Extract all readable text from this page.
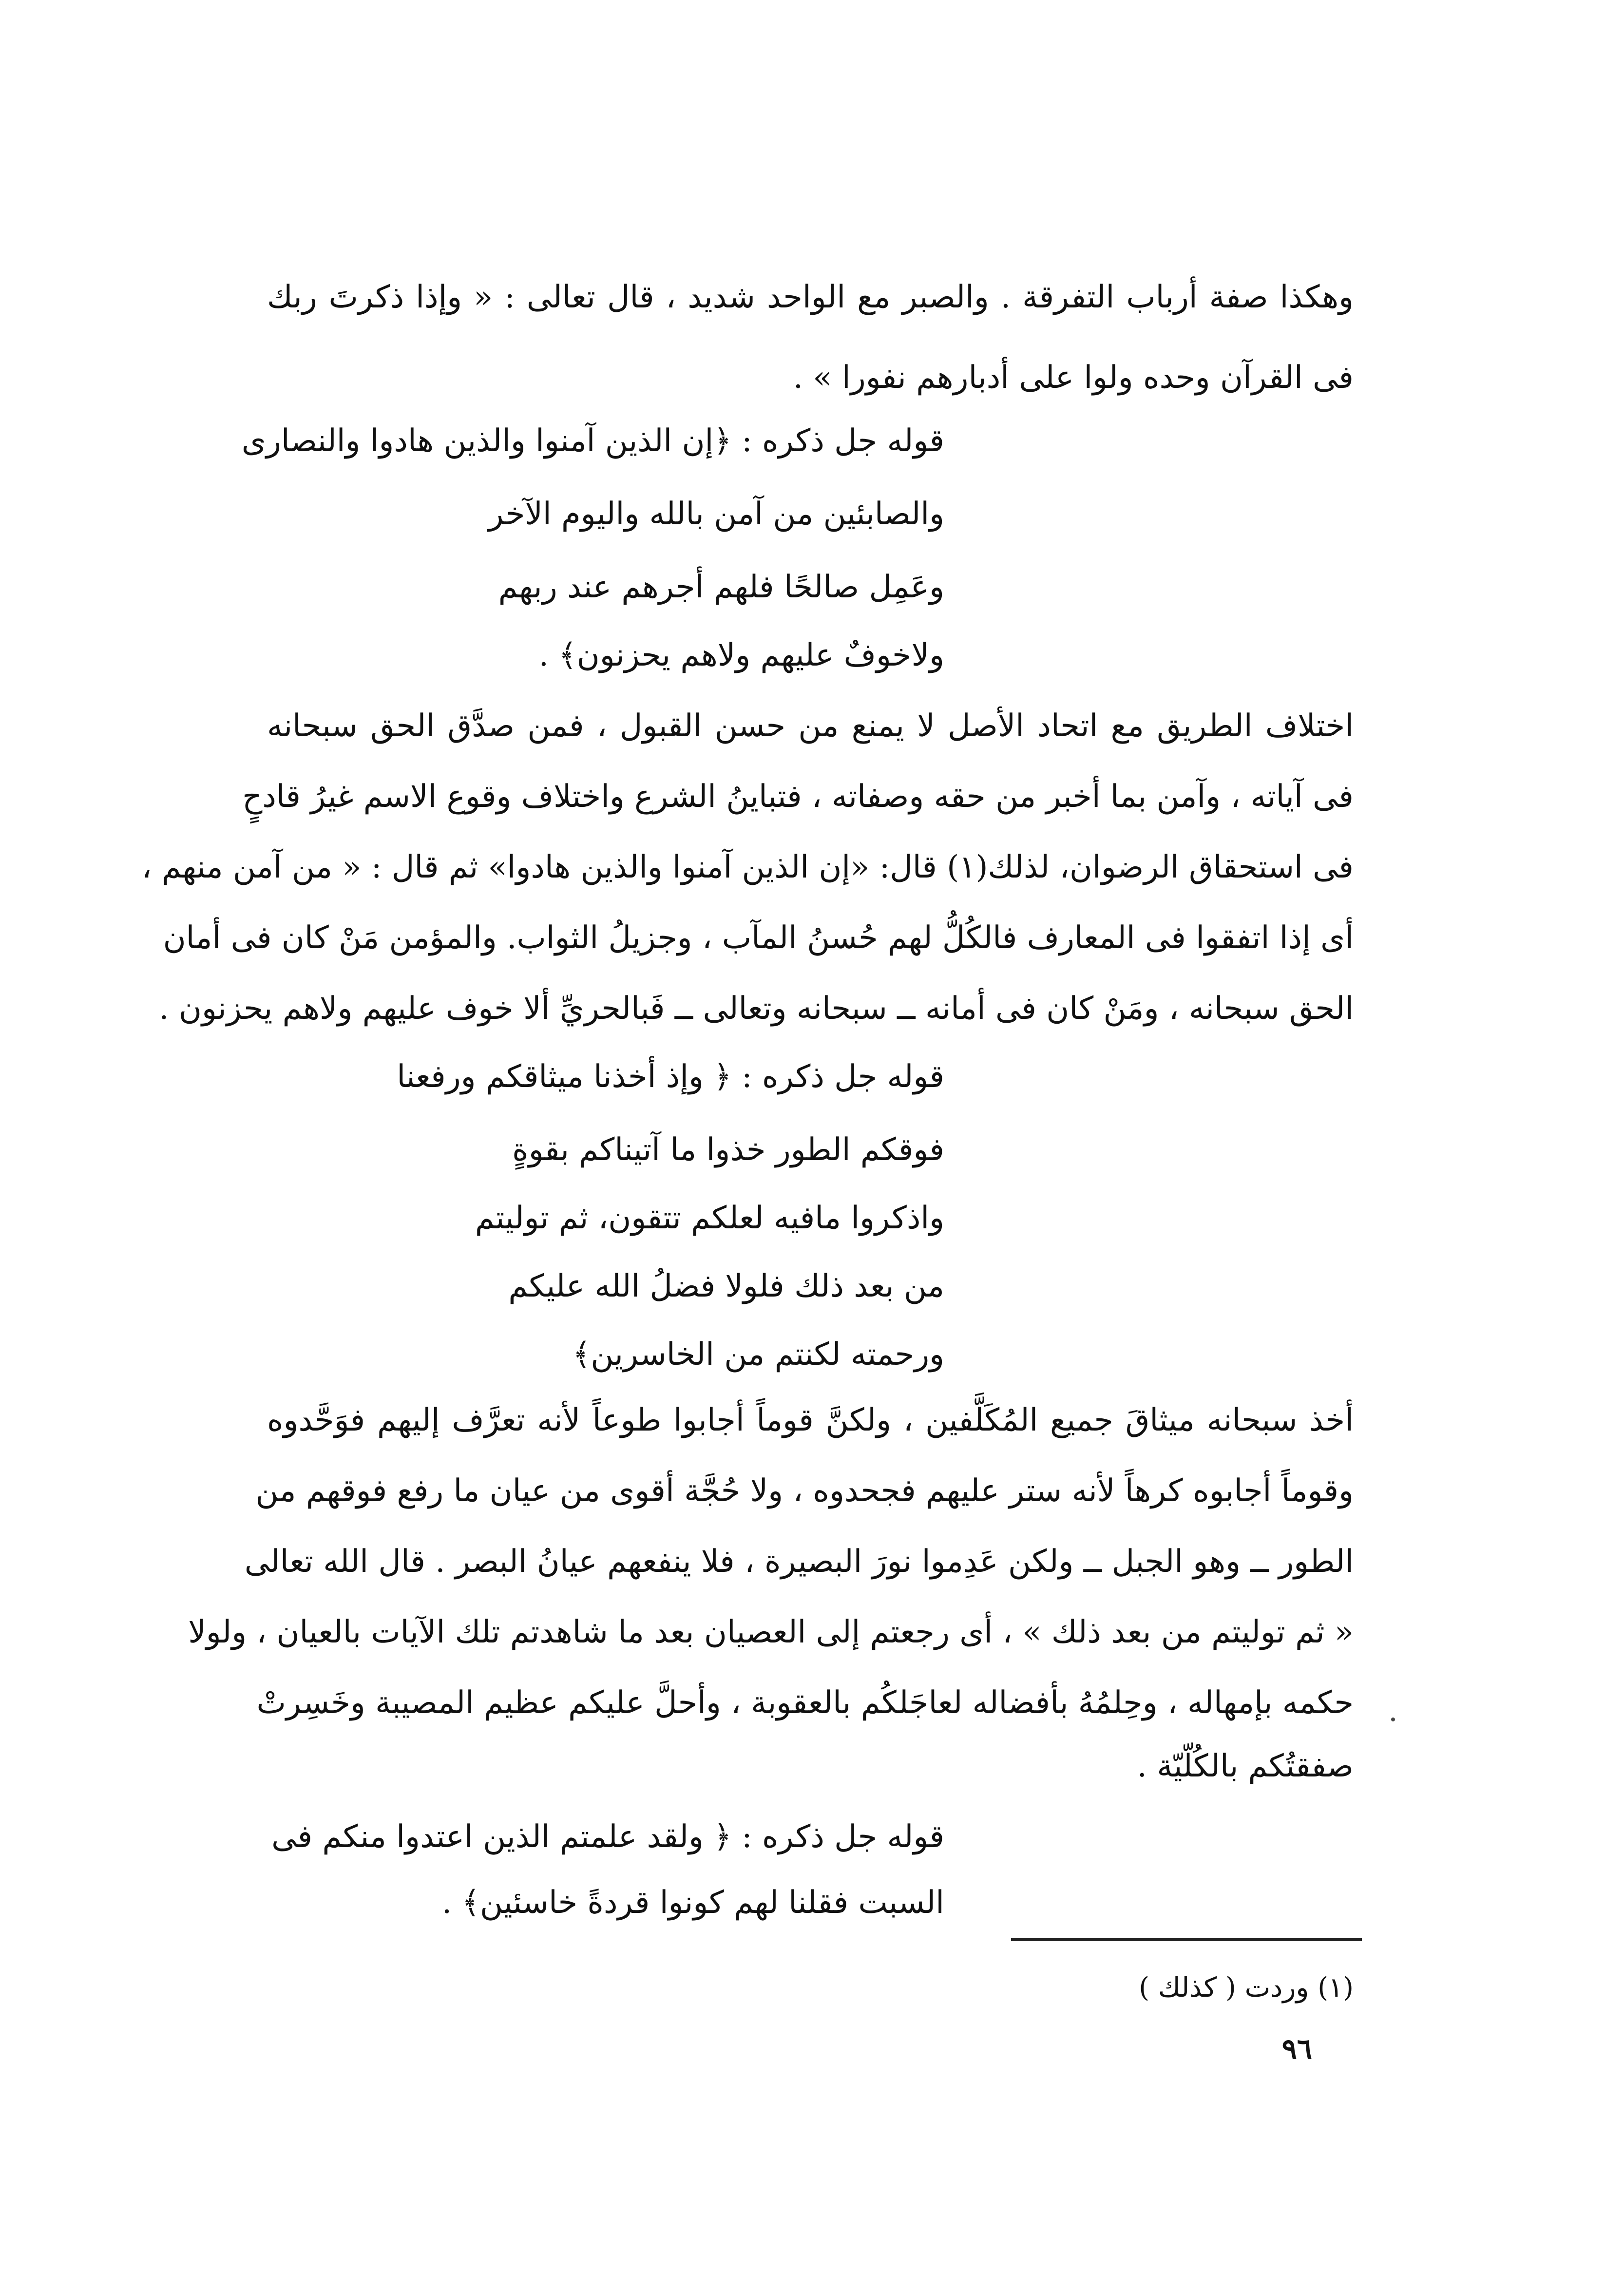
وهكذا صفة أرباب التفرقة . والصبر مع الواحد شديد ، قال تعالى : « وإذا ذكرتَ ربك
فى القرآن وحده ولوا على أدبارهم نفورا » .
قوله جل ذكره : ﴿إن الذين آمنوا والذين هادوا والنصارى
والصابئين من آمن بالله واليوم الآخر
وعَمِل صالحًا فلهم أجرهم عند ربهم
ولاخوفٌ عليهم ولاهم يحزنون﴾ .
اختلاف الطريق مع اتحاد الأصل لا يمنع من حسن القبول ، فمن صدَّق الحق سبحانه
فى آياته ، وآمن بما أخبر من حقه وصفاته ، فتباينُ الشرع واختلاف وقوع الاسم غيرُ قادحٍ
فى استحقاق الرضوان، لذلك(١) قال: «إن الذين آمنوا والذين هادوا» ثم قال : « من آمن منهم ،
أى إذا اتفقوا فى المعارف فالكُلُّ لهم حُسنُ المآب ، وجزيلُ الثواب. والمؤمن مَنْ كان فى أمان
الحق سبحانه ، ومَنْ كان فى أمانه ــ سبحانه وتعالى ــ فَبالحريِّ ألا خوف عليهم ولاهم يحزنون .
قوله جل ذكره : ﴿ وإذ أخذنا ميثاقكم ورفعنا
فوقكم الطور خذوا ما آتيناكم بقوةٍ
واذكروا مافيه لعلكم تتقون، ثم توليتم
من بعد ذلك فلولا فضلُ الله عليكم
ورحمته لكنتم من الخاسرين﴾
أخذ سبحانه ميثاقَ جميع المُكَلَّفين ، ولكنَّ قوماً أجابوا طوعاً لأنه تعرَّف إليهم فوَحَّدوه
وقوماً أجابوه كرهاً لأنه ستر عليهم فجحدوه ، ولا حُجَّة أقوى من عيان ما رفع فوقهم من
الطور ــ وهو الجبل ــ ولكن عَدِموا نورَ البصيرة ، فلا ينفعهم عيانُ البصر . قال الله تعالى
« ثم توليتم من بعد ذلك » ، أى رجعتم إلى العصيان بعد ما شاهدتم تلك الآيات بالعيان ، ولولا
حكمه بإمهاله ، وحِلمُهُ بأفضاله لعاجَلكُم بالعقوبة ، وأحلَّ عليكم عظيم المصيبة وخَسِرتْ
صفقتُكم بالكُلّيّة .
قوله جل ذكره : ﴿ ولقد علمتم الذين اعتدوا منكم فى
السبت فقلنا لهم كونوا قردةً خاسئين﴾ .
(١) وردت ( كذلك )
٩٦
